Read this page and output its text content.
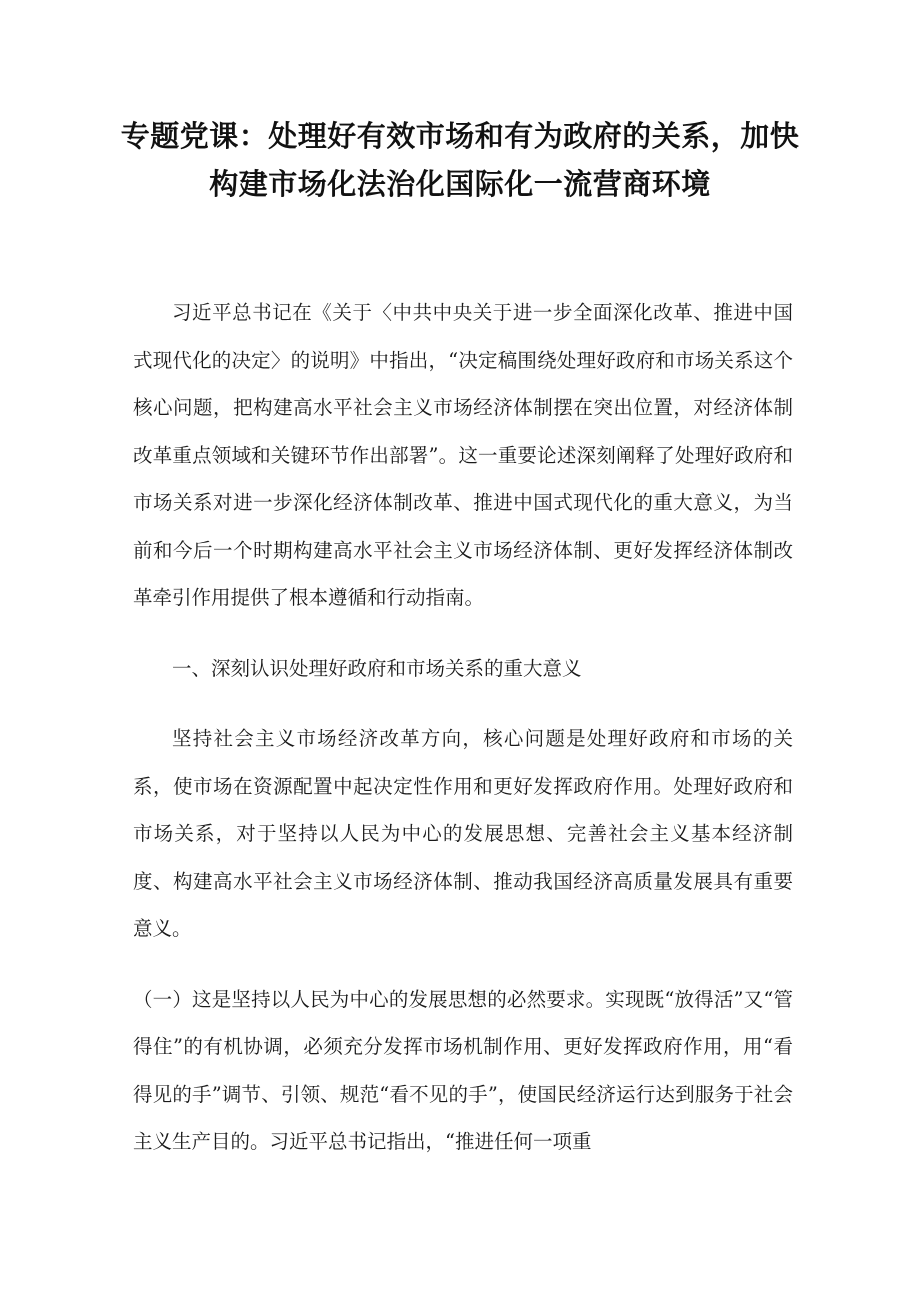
专题党课：处理好有效市场和有为政府的关系，加快
构建市场化法治化国际化一流营商环境

习近平总书记在《关于〈中共中央关于进一步全面深化改革、推进中国式现代化的决定〉的说明》中指出，“决定稿围绕处理好政府和市场关系这个核心问题，把构建高水平社会主义市场经济体制摆在突出位置，对经济体制改革重点领域和关键环节作出部署”。这一重要论述深刻阐释了处理好政府和市场关系对进一步深化经济体制改革、推进中国式现代化的重大意义，为当前和今后一个时期构建高水平社会主义市场经济体制、更好发挥经济体制改革牵引作用提供了根本遵循和行动指南。

一、深刻认识处理好政府和市场关系的重大意义

坚持社会主义市场经济改革方向，核心问题是处理好政府和市场的关系，使市场在资源配置中起决定性作用和更好发挥政府作用。处理好政府和市场关系，对于坚持以人民为中心的发展思想、完善社会主义基本经济制度、构建高水平社会主义市场经济体制、推动我国经济高质量发展具有重要意义。

（一）这是坚持以人民为中心的发展思想的必然要求。实现既“放得活”又“管得住”的有机协调，必须充分发挥市场机制作用、更好发挥政府作用，用“看得见的手”调节、引领、规范“看不见的手”，使国民经济运行达到服务于社会主义生产目的。习近平总书记指出，“推进任何一项重
